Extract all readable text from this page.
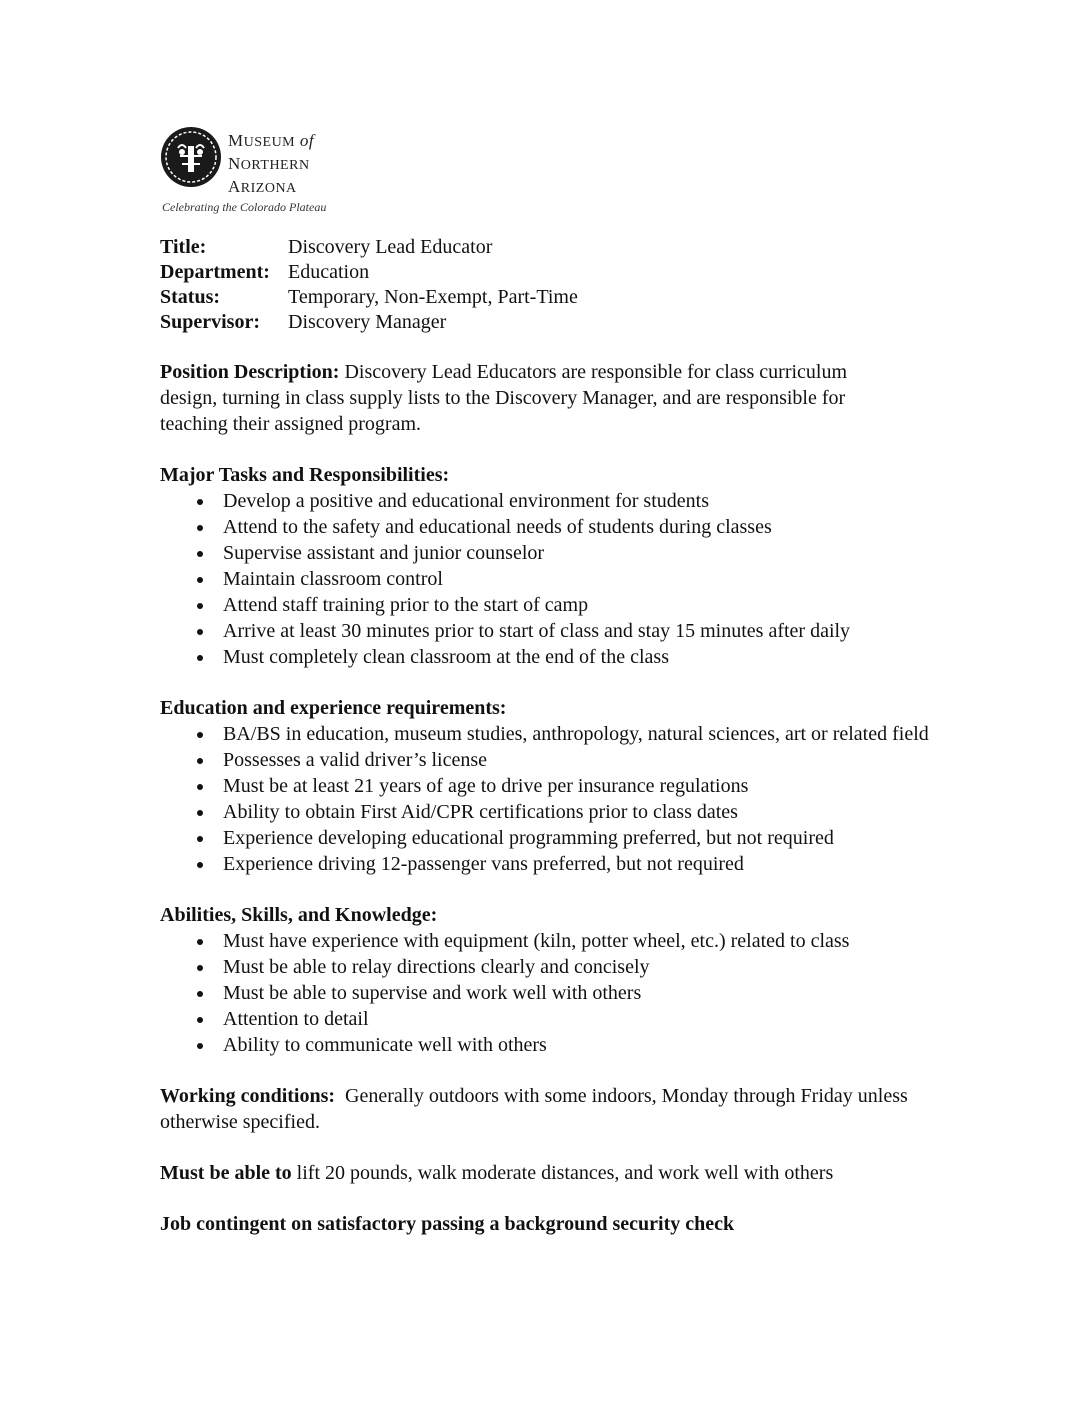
MUSEUM of
NORTHERN
ARIZONA
Celebrating the Colorado Plateau
Title:	Discovery Lead Educator
Department: Education
Status:	Temporary, Non-Exempt, Part-Time
Supervisor:	Discovery Manager

Position Description: Discovery Lead Educators are responsible for class curriculum design, turning in class supply lists to the Discovery Manager, and are responsible for teaching their assigned program.

Major Tasks and Responsibilities:
Develop a positive and educational environment for students
Attend to the safety and educational needs of students during classes
Supervise assistant and junior counselor
Maintain classroom control
Attend staff training prior to the start of camp
Arrive at least 30 minutes prior to start of class and stay 15 minutes after daily
Must completely clean classroom at the end of the class
Education and experience requirements:
BA/BS in education, museum studies, anthropology, natural sciences, art or related field
Possesses a valid driver’s license
Must be at least 21 years of age to drive per insurance regulations
Ability to obtain First Aid/CPR certifications prior to class dates
Experience developing educational programming preferred, but not required
Experience driving 12-passenger vans preferred, but not required
Abilities, Skills, and Knowledge:
Must have experience with equipment (kiln, potter wheel, etc.) related to class
Must be able to relay directions clearly and concisely
Must be able to supervise and work well with others
Attention to detail
Ability to communicate well with others

Working conditions: Generally outdoors with some indoors, Monday through Friday unless otherwise specified.

Must be able to lift 20 pounds, walk moderate distances, and work well with others

Job contingent on satisfactory passing a background security check
